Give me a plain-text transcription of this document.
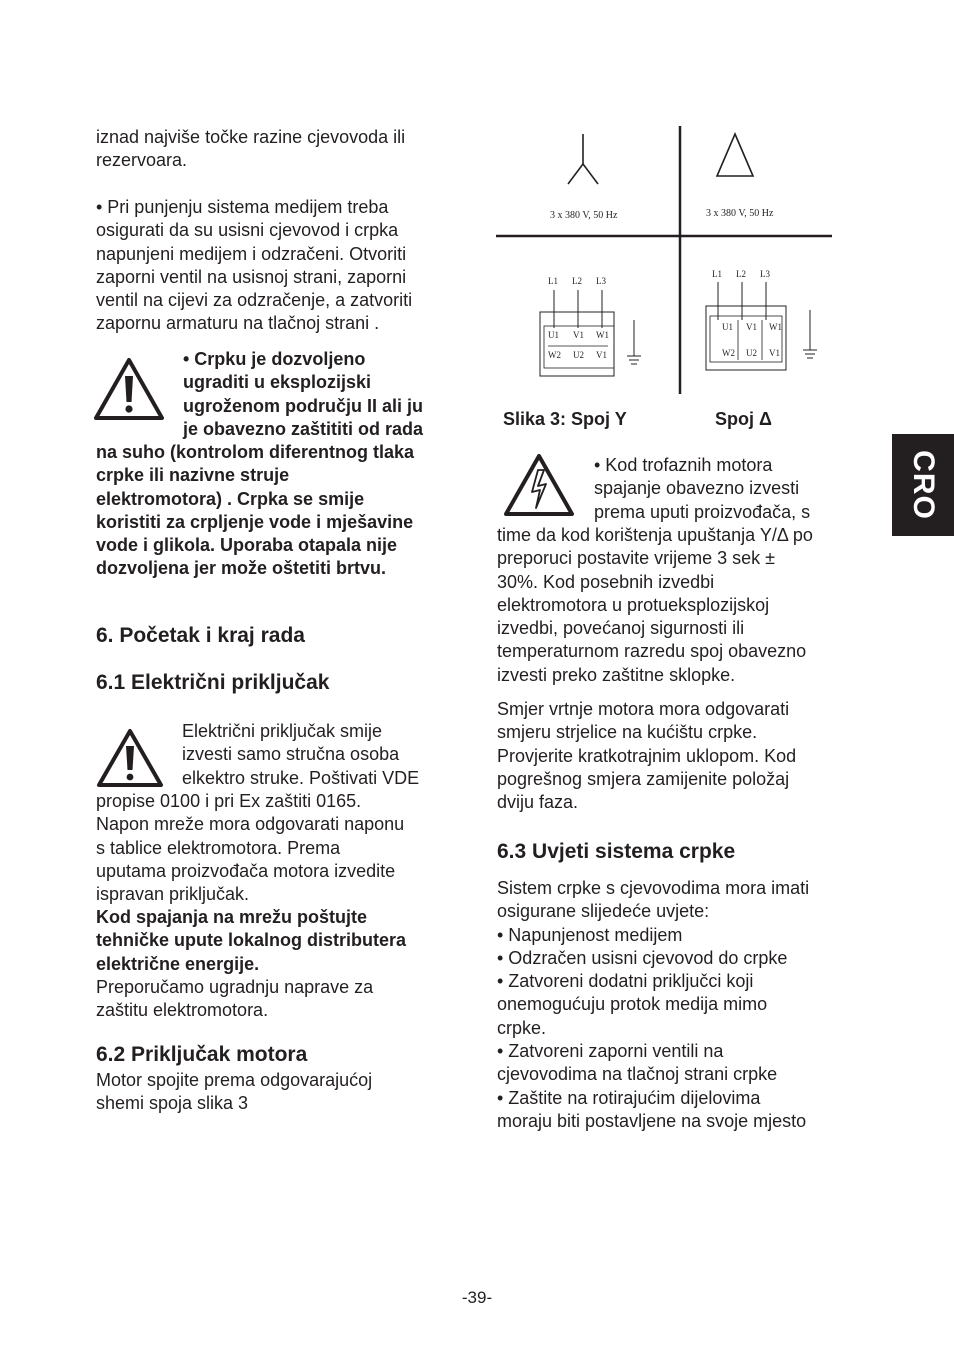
iznad najviše točke razine cjevovoda ili
rezervoara.
• Pri punjenju sistema medijem treba
osigurati da su usisni cjevovod i crpka
napunjeni medijem i odzračeni. Otvoriti
zaporni ventil na usisnoj strani, zaporni
ventil na cijevi za odzračenje, a zatvoriti
zapornu armaturu na tlačnoj strani .
• Crpku je dozvoljeno
ugraditi u eksplozijski
ugroženom području II ali ju
je obavezno zaštititi od rada
na suho (kontrolom diferentnog tlaka
crpke ili nazivne struje
elektromotora) . Crpka se smije
koristiti za crpljenje vode i mješavine
vode i glikola. Uporaba otapala nije
dozvoljena jer može oštetiti brtvu.
6. Početak i kraj rada
6.1 Električni priključak
Električni priključak smije
izvesti samo stručna osoba
elkektro struke. Poštivati VDE
propise 0100 i pri Ex zaštiti 0165.
Napon mreže mora odgovarati naponu
s tablice elektromotora. Prema
uputama proizvođača motora izvedite
ispravan priključak.
Kod spajanja na mrežu poštujte
tehničke upute lokalnog distributera
električne energije.
Preporučamo ugradnju naprave za
zaštitu elektromotora.
6.2 Priključak motora
Motor spojite prema odgovarajućoj
shemi spoja slika 3
3 x 380 V, 50 Hz	3 x 380 V, 50 Hz
L1 L2 L3
U1 V1 W1
W2 U2 V1
L1 L2 L3
U1 V1 W1
W2 U2 V1
Slika 3: Spoj Y	Spoj Δ
• Kod trofaznih motora
spajanje obavezno izvesti
prema uputi proizvođača, s
time da kod korištenja upuštanja Y/Δ po
preporuci postavite vrijeme 3 sek ±
30%. Kod posebnih izvedbi
elektromotora u protueksplozijskoj
izvedbi, povećanoj sigurnosti ili
temperaturnom razredu spoj obavezno
izvesti preko zaštitne sklopke.
Smjer vrtnje motora mora odgovarati
smjeru strjelice na kućištu crpke.
Provjerite kratkotrajnim uklopom. Kod
pogrešnog smjera zamijenite položaj
dviju faza.
6.3 Uvjeti sistema crpke
Sistem crpke s cjevovodima mora imati
osigurane slijedeće uvjete:
• Napunjenost medijem
• Odzračen usisni cjevovod do crpke
• Zatvoreni dodatni priključci koji
onemogućuju protok medija mimo
crpke.
• Zatvoreni zaporni ventili na
cjevovodima na tlačnoj strani crpke
• Zaštite na rotirajućim dijelovima
moraju biti postavljene na svoje mjesto
CRO
-39-
